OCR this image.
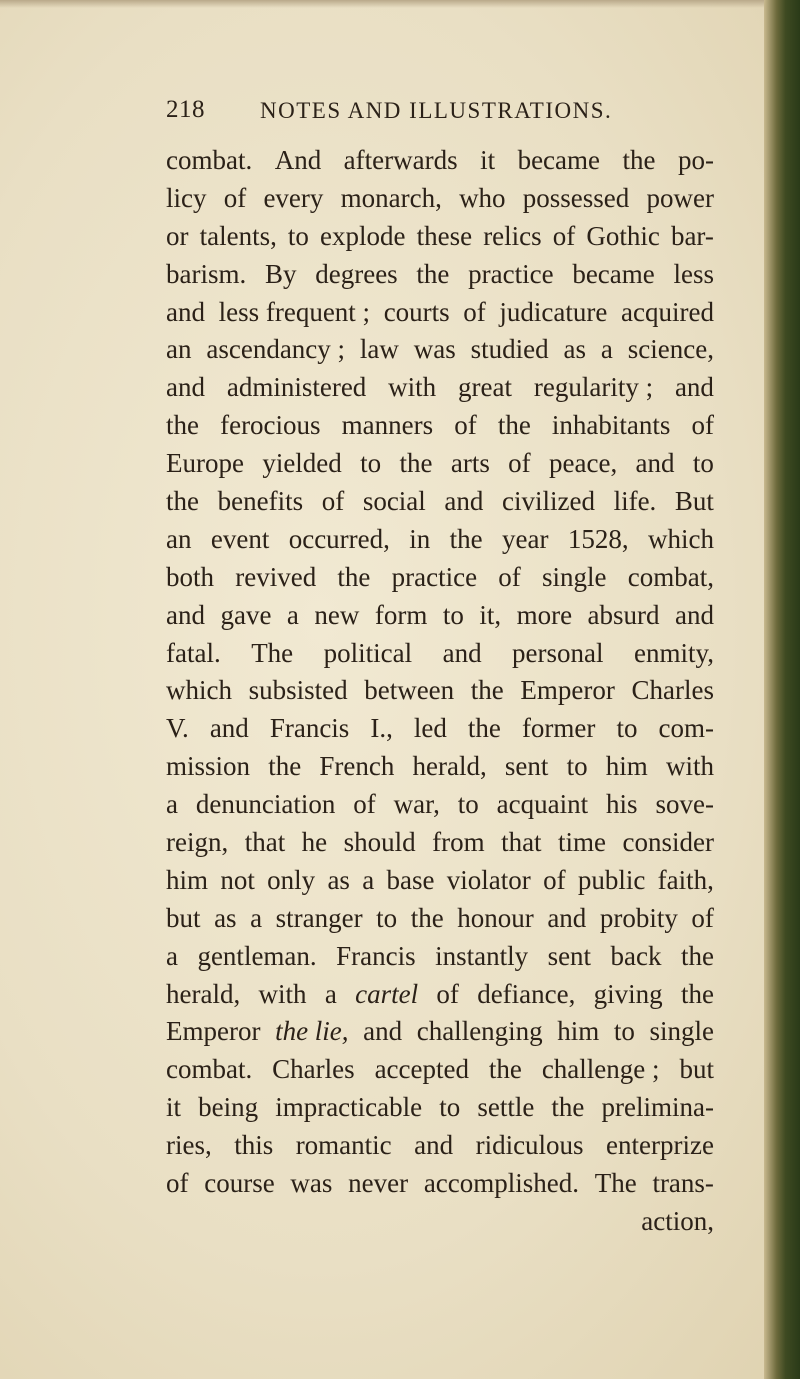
218 NOTES AND ILLUSTRATIONS.
combat. And afterwards it became the po-
licy of every monarch, who possessed power
or talents, to explode these relics of Gothic bar-
barism. By degrees the practice became less
and less frequent ; courts of judicature acquired
an ascendancy ; law was studied as a science,
and administered with great regularity ; and
the ferocious manners of the inhabitants of
Europe yielded to the arts of peace, and to
the benefits of social and civilized life. But
an event occurred, in the year 1528, which
both revived the practice of single combat,
and gave a new form to it, more absurd and
fatal. The political and personal enmity,
which subsisted between the Emperor Charles
V. and Francis I., led the former to com-
mission the French herald, sent to him with
a denunciation of war, to acquaint his sove-
reign, that he should from that time consider
him not only as a base violator of public faith,
but as a stranger to the honour and probity of
a gentleman. Francis instantly sent back the
herald, with a cartel of defiance, giving the
Emperor the lie, and challenging him to single
combat. Charles accepted the challenge ; but
it being impracticable to settle the prelimina-
ries, this romantic and ridiculous enterprize
of course was never accomplished. The trans-
action,
